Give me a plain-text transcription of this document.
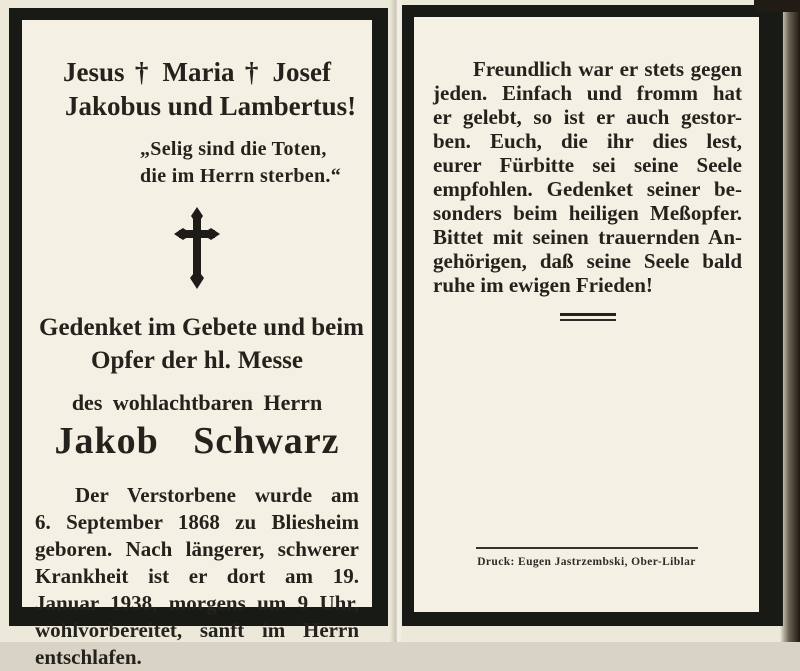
Jesus † Maria † Josef
Jakobus und Lambertus!
„Selig sind die Toten,
die im Herrn sterben.“
Gedenket im Gebete und beim
Opfer der hl. Messe
des wohlachtbaren Herrn
Jakob Schwarz
Der Verstorbene wurde am
6. September 1868 zu Bliesheim
geboren. Nach längerer, schwerer
Krankheit ist er dort am 19.
Januar 1938, morgens um 9 Uhr,
wohlvorbereitet, sanft im Herrn
entschlafen.
Freundlich war er stets gegen
jeden. Einfach und fromm hat
er gelebt, so ist er auch gestor-
ben. Euch, die ihr dies lest,
eurer Fürbitte sei seine Seele
empfohlen. Gedenket seiner be-
sonders beim heiligen Meßopfer.
Bittet mit seinen trauernden An-
gehörigen, daß seine Seele bald
ruhe im ewigen Frieden!
Druck: Eugen Jastrzembski, Ober-Liblar
